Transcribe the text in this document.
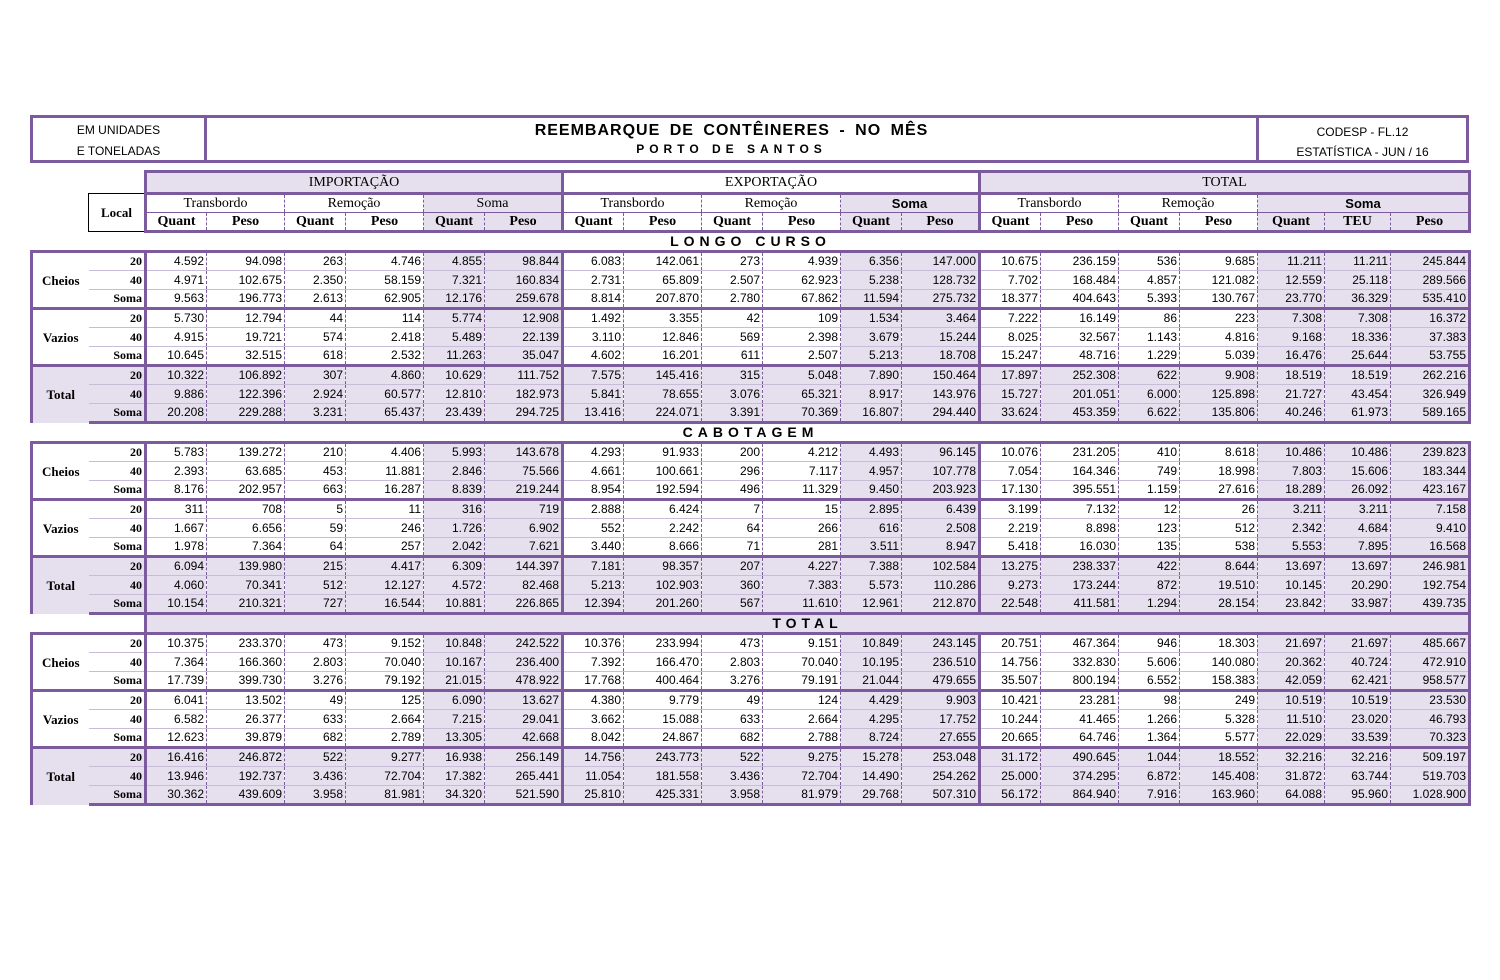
EM UNIDADES
E TONELADAS
REEMBARQUE DE CONTÊINERES - NO MÊS
PORTO DE SANTOS
CODESP - FL.12
ESTATÍSTICA - JUN / 16
		IMPORTAÇÃO						EXPORTAÇÃO						TOTAL						
	Local	Transbordo		Remoção		Soma		Transbordo		Remoção		Soma		Transbordo		Remoção		Soma		
		Quant	Peso	Quant	Peso	Quant	Peso	Quant	Peso	Quant	Peso	Quant	Peso	Quant	Peso	Quant	Peso	Quant	TEU	Peso
LONGO CURSO																				
Cheios	20	4.592	94.098	263	4.746	4.855	98.844	6.083	142.061	273	4.939	6.356	147.000	10.675	236.159	536	9.685	11.211	11.211	245.844
	40	4.971	102.675	2.350	58.159	7.321	160.834	2.731	65.809	2.507	62.923	5.238	128.732	7.702	168.484	4.857	121.082	12.559	25.118	289.566
	Soma	9.563	196.773	2.613	62.905	12.176	259.678	8.814	207.870	2.780	67.862	11.594	275.732	18.377	404.643	5.393	130.767	23.770	36.329	535.410
Vazios	20	5.730	12.794	44	114	5.774	12.908	1.492	3.355	42	109	1.534	3.464	7.222	16.149	86	223	7.308	7.308	16.372
	40	4.915	19.721	574	2.418	5.489	22.139	3.110	12.846	569	2.398	3.679	15.244	8.025	32.567	1.143	4.816	9.168	18.336	37.383
	Soma	10.645	32.515	618	2.532	11.263	35.047	4.602	16.201	611	2.507	5.213	18.708	15.247	48.716	1.229	5.039	16.476	25.644	53.755
Total	20	10.322	106.892	307	4.860	10.629	111.752	7.575	145.416	315	5.048	7.890	150.464	17.897	252.308	622	9.908	18.519	18.519	262.216
	40	9.886	122.396	2.924	60.577	12.810	182.973	5.841	78.655	3.076	65.321	8.917	143.976	15.727	201.051	6.000	125.898	21.727	43.454	326.949
	Soma	20.208	229.288	3.231	65.437	23.439	294.725	13.416	224.071	3.391	70.369	16.807	294.440	33.624	453.359	6.622	135.806	40.246	61.973	589.165
CABOTAGEM																				
Cheios	20	5.783	139.272	210	4.406	5.993	143.678	4.293	91.933	200	4.212	4.493	96.145	10.076	231.205	410	8.618	10.486	10.486	239.823
	40	2.393	63.685	453	11.881	2.846	75.566	4.661	100.661	296	7.117	4.957	107.778	7.054	164.346	749	18.998	7.803	15.606	183.344
	Soma	8.176	202.957	663	16.287	8.839	219.244	8.954	192.594	496	11.329	9.450	203.923	17.130	395.551	1.159	27.616	18.289	26.092	423.167
Vazios	20	311	708	5	11	316	719	2.888	6.424	7	15	2.895	6.439	3.199	7.132	12	26	3.211	3.211	7.158
	40	1.667	6.656	59	246	1.726	6.902	552	2.242	64	266	616	2.508	2.219	8.898	123	512	2.342	4.684	9.410
	Soma	1.978	7.364	64	257	2.042	7.621	3.440	8.666	71	281	3.511	8.947	5.418	16.030	135	538	5.553	7.895	16.568
Total	20	6.094	139.980	215	4.417	6.309	144.397	7.181	98.357	207	4.227	7.388	102.584	13.275	238.337	422	8.644	13.697	13.697	246.981
	40	4.060	70.341	512	12.127	4.572	82.468	5.213	102.903	360	7.383	5.573	110.286	9.273	173.244	872	19.510	10.145	20.290	192.754
	Soma	10.154	210.321	727	16.544	10.881	226.865	12.394	201.260	567	11.610	12.961	212.870	22.548	411.581	1.294	28.154	23.842	33.987	439.735
		TOTAL																		
Cheios	20	10.375	233.370	473	9.152	10.848	242.522	10.376	233.994	473	9.151	10.849	243.145	20.751	467.364	946	18.303	21.697	21.697	485.667
	40	7.364	166.360	2.803	70.040	10.167	236.400	7.392	166.470	2.803	70.040	10.195	236.510	14.756	332.830	5.606	140.080	20.362	40.724	472.910
	Soma	17.739	399.730	3.276	79.192	21.015	478.922	17.768	400.464	3.276	79.191	21.044	479.655	35.507	800.194	6.552	158.383	42.059	62.421	958.577
Vazios	20	6.041	13.502	49	125	6.090	13.627	4.380	9.779	49	124	4.429	9.903	10.421	23.281	98	249	10.519	10.519	23.530
	40	6.582	26.377	633	2.664	7.215	29.041	3.662	15.088	633	2.664	4.295	17.752	10.244	41.465	1.266	5.328	11.510	23.020	46.793
	Soma	12.623	39.879	682	2.789	13.305	42.668	8.042	24.867	682	2.788	8.724	27.655	20.665	64.746	1.364	5.577	22.029	33.539	70.323
Total	20	16.416	246.872	522	9.277	16.938	256.149	14.756	243.773	522	9.275	15.278	253.048	31.172	490.645	1.044	18.552	32.216	32.216	509.197
	40	13.946	192.737	3.436	72.704	17.382	265.441	11.054	181.558	3.436	72.704	14.490	254.262	25.000	374.295	6.872	145.408	31.872	63.744	519.703
	Soma	30.362	439.609	3.958	81.981	34.320	521.590	25.810	425.331	3.958	81.979	29.768	507.310	56.172	864.940	7.916	163.960	64.088	95.960	1.028.900
